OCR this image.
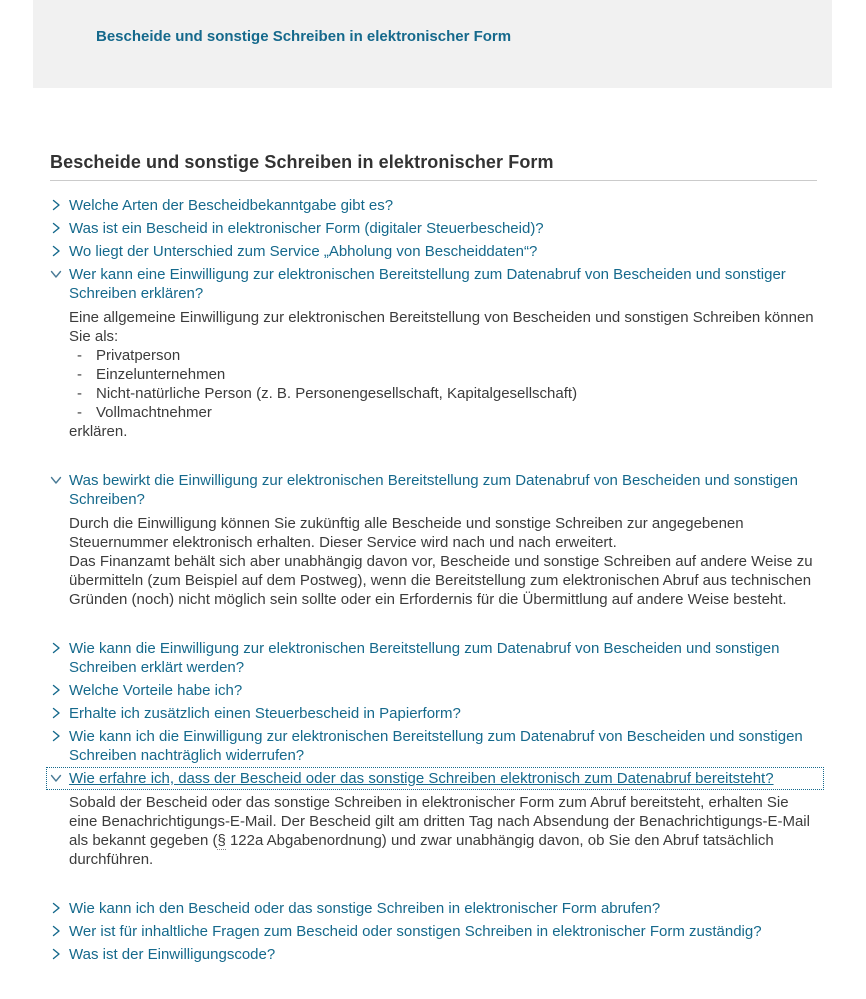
Bescheide und sonstige Schreiben in elektronischer Form
Bescheide und sonstige Schreiben in elektronischer Form
Welche Arten der Bescheidbekanntgabe gibt es?
Was ist ein Bescheid in elektronischer Form (digitaler Steuerbescheid)?
Wo liegt der Unterschied zum Service „Abholung von Bescheiddaten“?
Wer kann eine Einwilligung zur elektronischen Bereitstellung zum Datenabruf von Bescheiden und sonstiger Schreiben erklären?

Eine allgemeine Einwilligung zur elektronischen Bereitstellung von Bescheiden und sonstigen Schreiben können Sie als:

- Privatperson
- Einzelunternehmen
- Nicht-natürliche Person (z. B. Personengesellschaft, Kapitalgesellschaft)
- Vollmachtnehmer

erklären.

Was bewirkt die Einwilligung zur elektronischen Bereitstellung zum Datenabruf von Bescheiden und sonstigen Schreiben?

Durch die Einwilligung können Sie zukünftig alle Bescheide und sonstige Schreiben zur angegebenen Steuernummer elektronisch erhalten. Dieser Service wird nach und nach erweitert.

Das Finanzamt behält sich aber unabhängig davon vor, Bescheide und sonstige Schreiben auf andere Weise zu übermitteln (zum Beispiel auf dem Postweg), wenn die Bereitstellung zum elektronischen Abruf aus technischen Gründen (noch) nicht möglich sein sollte oder ein Erfordernis für die Übermittlung auf andere Weise besteht.

Wie kann die Einwilligung zur elektronischen Bereitstellung zum Datenabruf von Bescheiden und sonstigen Schreiben erklärt werden?
Welche Vorteile habe ich?
Erhalte ich zusätzlich einen Steuerbescheid in Papierform?
Wie kann ich die Einwilligung zur elektronischen Bereitstellung zum Datenabruf von Bescheiden und sonstigen Schreiben nachträglich widerrufen?
Wie erfahre ich, dass der Bescheid oder das sonstige Schreiben elektronisch zum Datenabruf bereitsteht?

Sobald der Bescheid oder das sonstige Schreiben in elektronischer Form zum Abruf bereitsteht, erhalten Sie eine Benachrichtigungs-E-Mail. Der Bescheid gilt am dritten Tag nach Absendung der Benachrichtigungs-E-Mail als bekannt gegeben (§ 122a Abgabenordnung) und zwar unabhängig davon, ob Sie den Abruf tatsächlich durchführen.

Wie kann ich den Bescheid oder das sonstige Schreiben in elektronischer Form abrufen?
Wer ist für inhaltliche Fragen zum Bescheid oder sonstigen Schreiben in elektronischer Form zuständig?
Was ist der Einwilligungscode?
